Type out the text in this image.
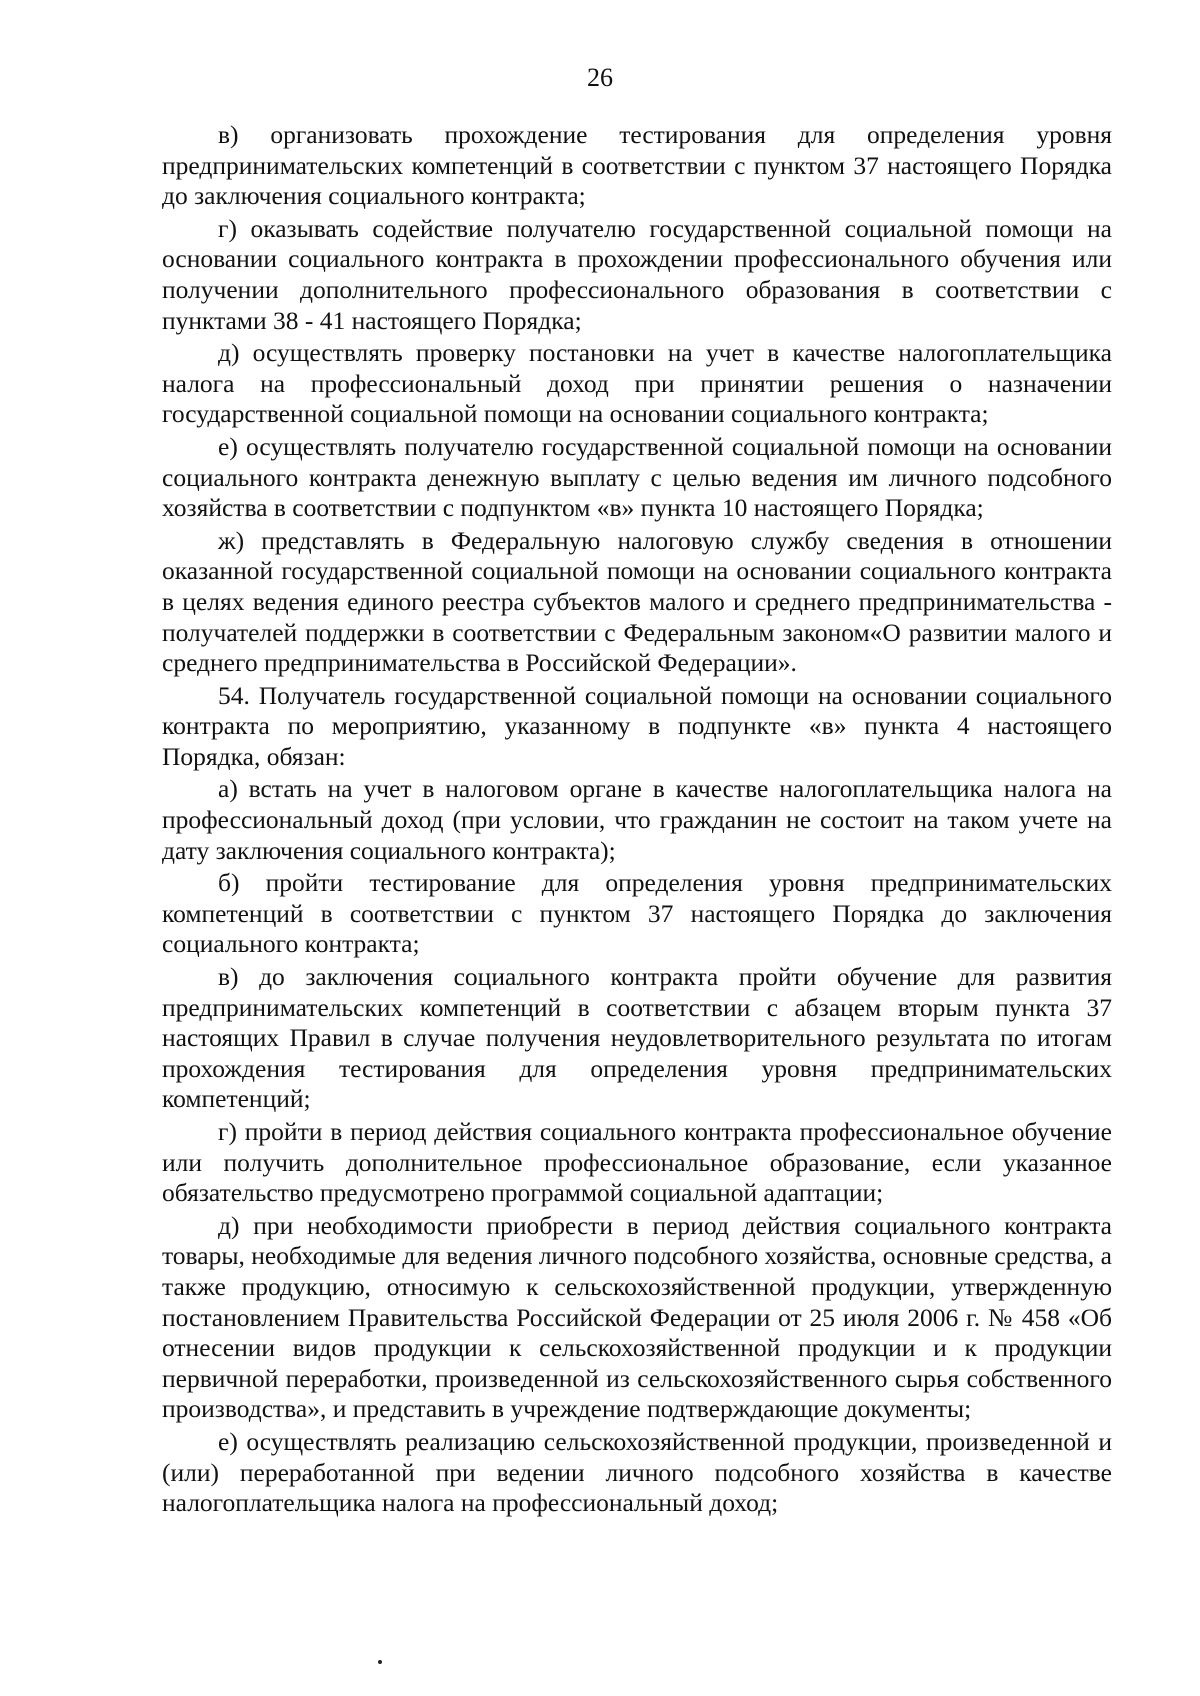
26

в) организовать прохождение тестирования для определения уровня предпринимательских компетенций в соответствии с пунктом 37 настоящего Порядка до заключения социального контракта;

г) оказывать содействие получателю государственной социальной помощи на основании социального контракта в прохождении профессионального обучения или получении дополнительного профессионального образования в соответствии с пунктами 38 - 41 настоящего Порядка;

д) осуществлять проверку постановки на учет в качестве налогоплательщика налога на профессиональный доход при принятии решения о назначении государственной социальной помощи на основании социального контракта;

е) осуществлять получателю государственной социальной помощи на основании социального контракта денежную выплату с целью ведения им личного подсобного хозяйства в соответствии с подпунктом «в» пункта 10 настоящего Порядка;

ж) представлять в Федеральную налоговую службу сведения в отношении оказанной государственной социальной помощи на основании социального контракта в целях ведения единого реестра субъектов малого и среднего предпринимательства - получателей поддержки в соответствии с Федеральным законом«О развитии малого и среднего предпринимательства в Российской Федерации».

54. Получатель государственной социальной помощи на основании социального контракта по мероприятию, указанному в подпункте «в» пункта 4 настоящего Порядка, обязан:

а) встать на учет в налоговом органе в качестве налогоплательщика налога на профессиональный доход (при условии, что гражданин не состоит на таком учете на дату заключения социального контракта);

б) пройти тестирование для определения уровня предпринимательских компетенций в соответствии с пунктом 37 настоящего Порядка до заключения социального контракта;

в) до заключения социального контракта пройти обучение для развития предпринимательских компетенций в соответствии с абзацем вторым пункта 37 настоящих Правил в случае получения неудовлетворительного результата по итогам прохождения тестирования для определения уровня предпринимательских компетенций;

г) пройти в период действия социального контракта профессиональное обучение или получить дополнительное профессиональное образование, если указанное обязательство предусмотрено программой социальной адаптации;

д) при необходимости приобрести в период действия социального контракта товары, необходимые для ведения личного подсобного хозяйства, основные средства, а также продукцию, относимую к сельскохозяйственной продукции, утвержденную постановлением Правительства Российской Федерации от 25 июля 2006 г. № 458 «Об отнесении видов продукции к сельскохозяйственной продукции и к продукции первичной переработки, произведенной из сельскохозяйственного сырья собственного производства», и представить в учреждение подтверждающие документы;

е) осуществлять реализацию сельскохозяйственной продукции, произведенной и (или) переработанной при ведении личного подсобного хозяйства в качестве налогоплательщика налога на профессиональный доход;
